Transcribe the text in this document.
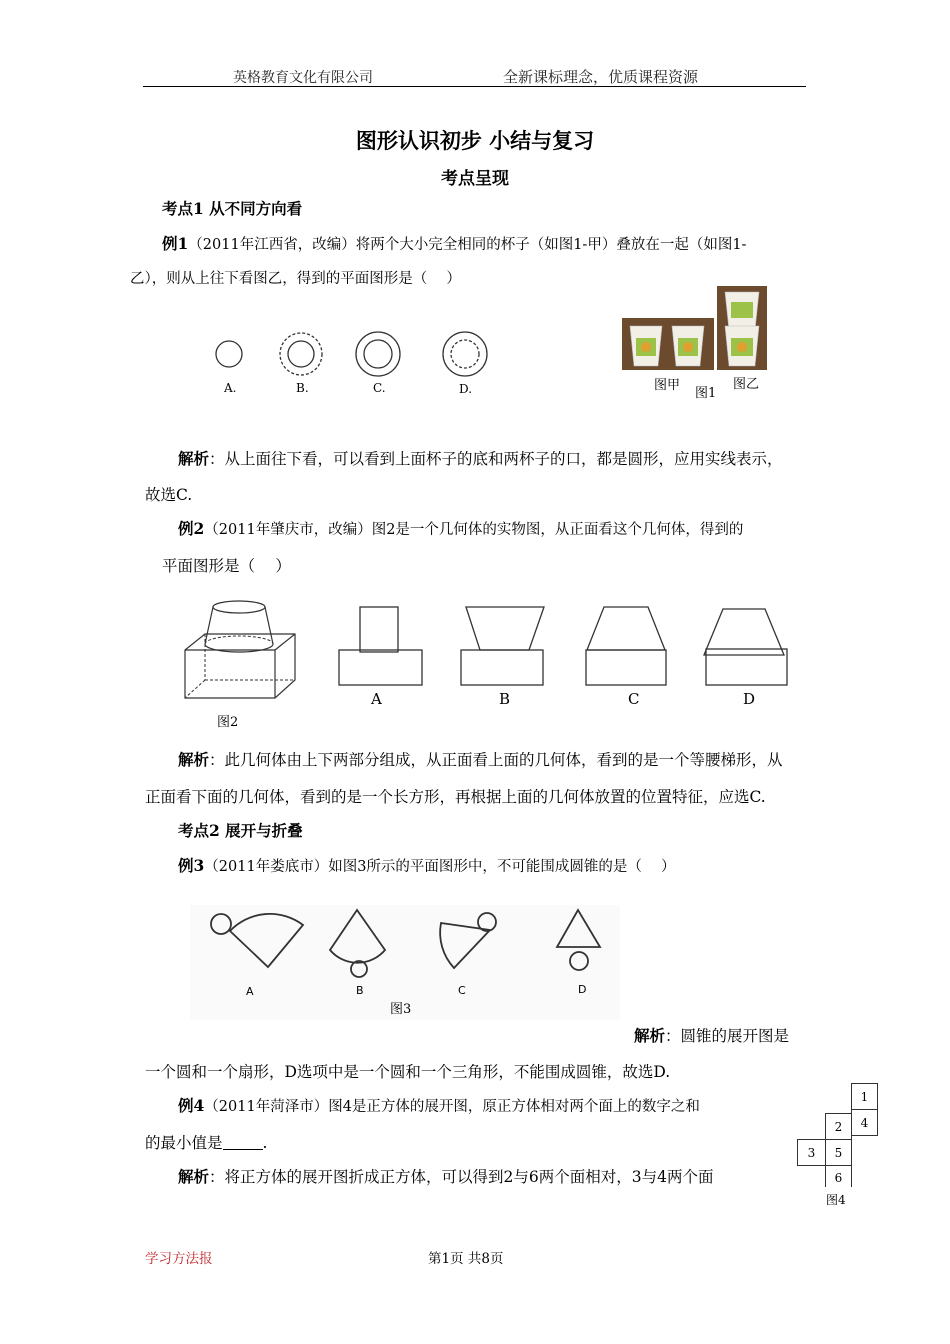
英格教育文化有限公司	全新课标理念，优质课程资源
图形认识初步 小结与复习
考点呈现
考点1 从不同方向看
例1（2011年江西省，改编）将两个大小完全相同的杯子（如图1-甲）叠放在一起（如图1-
乙），则从上往下看图乙，得到的平面图形是（　 ）
A.	B.	C.	D.	图甲	图乙
图1
解析：从上面往下看，可以看到上面杯子的底和两杯子的口，都是圆形，应用实线表示，
故选C.
例2（2011年肇庆市，改编）图2是一个几何体的实物图，从正面看这个几何体，得到的
平面图形是（　 ）
图2
A	B	C	D
解析：此几何体由上下两部分组成，从正面看上面的几何体，看到的是一个等腰梯形，从
正面看下面的几何体，看到的是一个长方形，再根据上面的几何体放置的位置特征，应选C.
考点2 展开与折叠
例3（2011年娄底市）如图3所示的平面图形中，不可能围成圆锥的是（　 ）
A	B	C	D
图3
解析：圆锥的展开图是
一个圆和一个扇形，D选项中是一个圆和一个三角形，不能围成圆锥，故选D.
例4（2011年菏泽市）图4是正方体的展开图，原正方体相对两个面上的数字之和
的最小值是	.
解析：将正方体的展开图折成正方体，可以得到2与6两个面相对，3与4两个面
1
4
2
3	5
6
图4
学习方法报	第1页 共8页
